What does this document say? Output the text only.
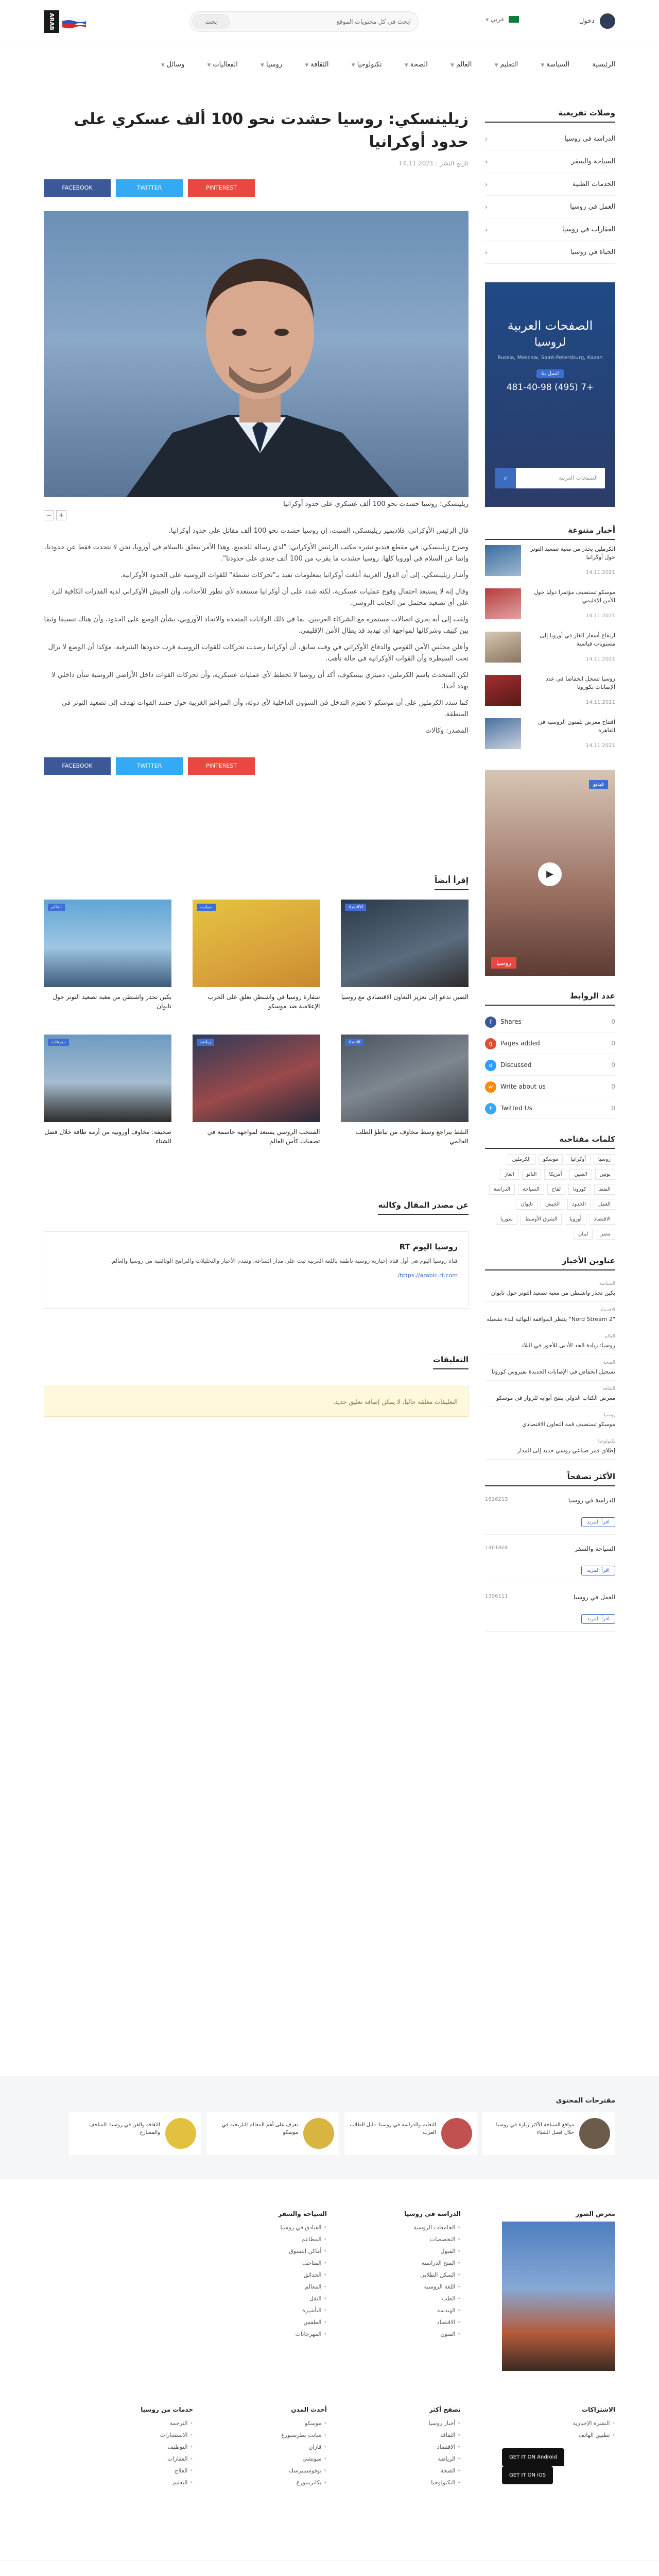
ARAB	بحث
ابحث في كل محتويات الموقع	عربي ▼	دخول
الرئيسية السياسة▼ التعليم▼ العالم▼ الصحة▼ تكنولوجيا▼ الثقافة▼ روسيا▼ الفعاليات▼ وسائل▼
زيلينسكي: روسيا حشدت نحو 100 ألف عسكري على حدود أوكرانيا
تاريخ النشر : 14.11.2021
FACEBOOK	TWITTER	PINTEREST
زيلينسكي: روسيا حشدت نحو 100 ألف عسكري على حدود أوكرانيا
− +

قال الرئيس الأوكراني، فلاديمير زيلينسكي، السبت، إن روسيا حشدت نحو 100 ألف مقاتل على حدود أوكرانيا.

وصرح زيلينسكي، في مقطع فيديو نشره مكتب الرئيس الأوكراني: "لدي رسالة للجميع، وهذا الأمر يتعلق بالسلام في أوروبا، نحن لا نتحدث فقط عن حدودنا، وإنما عن السلام في أوروبا كلها. روسيا حشدت ما يقرب من 100 ألف جندي على حدودنا".

وأشار زيلينسكي، إلى أن الدول الغربية أبلغت أوكرانيا بمعلومات تفيد بـ"تحركات نشطة" للقوات الروسية على الحدود الأوكرانية.

وقال إنه لا يستبعد احتمال وقوع عمليات عسكرية، لكنه شدد على أن أوكرانيا مستعدة لأي تطور للأحداث، وأن الجيش الأوكراني لديه القدرات الكافية للرد على أي تصعيد محتمل من الجانب الروسي.

ولفت إلى أنه يجري اتصالات مستمرة مع الشركاء الغربيين، بما في ذلك الولايات المتحدة والاتحاد الأوروبي، بشأن الوضع على الحدود، وأن هناك تنسيقا وثيقا بين كييف وشركائها لمواجهة أي تهديد قد يطال الأمن الإقليمي.

وأعلن مجلس الأمن القومي والدفاع الأوكراني في وقت سابق، أن أوكرانيا رصدت تحركات للقوات الروسية قرب حدودها الشرقية، مؤكدا أن الوضع لا يزال تحت السيطرة وأن القوات الأوكرانية في حالة تأهب.

لكن المتحدث باسم الكرملين، دميتري بيسكوف، أكد أن روسيا لا تخطط لأي عمليات عسكرية، وأن تحركات القوات داخل الأراضي الروسية شأن داخلي لا يهدد أحدا.

كما شدد الكرملين على أن موسكو لا تعتزم التدخل في الشؤون الداخلية لأي دولة، وأن المزاعم الغربية حول حشد القوات تهدف إلى تصعيد التوتر في المنطقة.

المصدر: وكالات

FACEBOOK	TWITTER	PINTEREST
إقرأ أيضاً
الاقتصاد
الصين تدعو إلى تعزيز التعاون الاقتصادي مع روسيا
سياسة
سفارة روسيا في واشنطن تعلق على الحرب الإعلامية ضد موسكو
العالم
بكين تحذر واشنطن من مغبة تصعيد التوتر حول تايوان
اقتصاد
النفط يتراجع وسط مخاوف من تباطؤ الطلب العالمي
رياضة
المنتخب الروسي يستعد لمواجهة حاسمة في تصفيات كأس العالم
منوعات
صحيفة: مخاوف أوروبية من أزمة طاقة خلال فصل الشتاء
عن مصدر المقال وكالته
روسيا اليوم RT
قناة روسيا اليوم هي أول قناة إخبارية روسية ناطقة باللغة العربية تبث على مدار الساعة، وتقدم الأخبار والتحليلات والبرامج الوثائقية من روسيا والعالم.
https://arabic.rt.com/
التعليقات
التعليقات مغلقة حاليا، لا يمكن إضافة تعليق جديد.
وصلات تفريعية
الدراسة في روسيا
‹
السياحة والسفر
‹
الخدمات الطبية
‹
العمل في روسيا
‹
العقارات في روسيا
‹
الحياة في روسيا
‹
الصفحات العربية
لروسيا
Russia, Moscow, Saint-Petersburg, Kazan
اتصل بنا
+7 (495) 481-40-98
الصفحات العربية
⌕
أخبار متنوعة
الكرملين يحذر من مغبة تصعيد التوتر حول أوكرانيا
14.11.2021
موسكو تستضيف مؤتمرا دوليا حول الأمن الإقليمي
14.11.2021
ارتفاع أسعار الغاز في أوروبا إلى مستويات قياسية
14.11.2021
روسيا تسجل انخفاضا في عدد الإصابات بكورونا
14.11.2021
افتتاح معرض للفنون الروسية في القاهرة
14.11.2021
فيديو
▶
روسيا
عدد الروابط
f Shares	0
g Pages added	0
d Discussed	0
w Write about us	0
t Twitted Us	0
كلمات مفتاحية
روسياأوكرانياموسكوالكرملينبوتينالصينأمريكاالناتوالغازالنفطكورونالقاحالسياحةالدراسةالعملالحدودالجيشتايوانالاقتصادأوروباالشرق الأوسطسوريامصرلبنان
عناوين الأخبار
السياسة
بكين تحذر واشنطن من مغبة تصعيد التوتر حول تايوان
الاقتصاد
"Nord Stream 2" ينتظر الموافقة النهائية لبدء تشغيله
العالم
روسيا: زيادة الحد الأدنى للأجور في البلاد
الصحة
تسجيل انخفاض في الإصابات الجديدة بفيروس كورونا
الثقافة
معرض الكتاب الدولي يفتح أبوابه للزوار في موسكو
روسيا
موسكو تستضيف قمة التعاون الاقتصادي
تكنولوجيا
إطلاق قمر صناعي روسي جديد إلى المدار
الأكثر تصفحاً
الدراسة في روسيا
1616213
اقرأ المزيد
السياحة والسفر
1461868
اقرأ المزيد
العمل في روسيا
1396111
اقرأ المزيد
مقترحات المحتوى
مواقع السياحة الأكثر زيارة في روسيا خلال فصل الشتاء
التعليم والدراسة في روسيا: دليل الطلاب العرب
تعرف على أهم المعالم التاريخية في موسكو
الثقافة والفن في روسيا: المتاحف والمسارح
معرض الصور
الدراسة في روسيا
•الجامعات الروسية
•التخصصات
•القبول
•المنح الدراسية
•السكن الطلابي
•اللغة الروسية
•الطب
•الهندسة
•الاقتصاد
•الفنون
السياحة والسفر
•الفنادق في روسيا
•المطاعم
•أماكن التسوق
•المتاحف
•الحدائق
•المعالم
•النقل
•التأشيرة
•الطقس
•المهرجانات
الاشتراكات
•النشرة الإخبارية
•تطبيق الهاتف
GET IT ON Android GET IT ON iOS
تصفح أكثر
•أخبار روسيا
•الثقافة
•الاقتصاد
•الرياضة
•الصحة
•التكنولوجيا
أحدث المدن
•موسكو
•سانت بطرسبورغ
•قازان
•سوتشي
•نوفوسيبيرسك
•يكاترينبورغ
خدمات من روسيا
•الترجمة
•الاستشارات
•التوظيف
•العقارات
•العلاج
•التعليم
